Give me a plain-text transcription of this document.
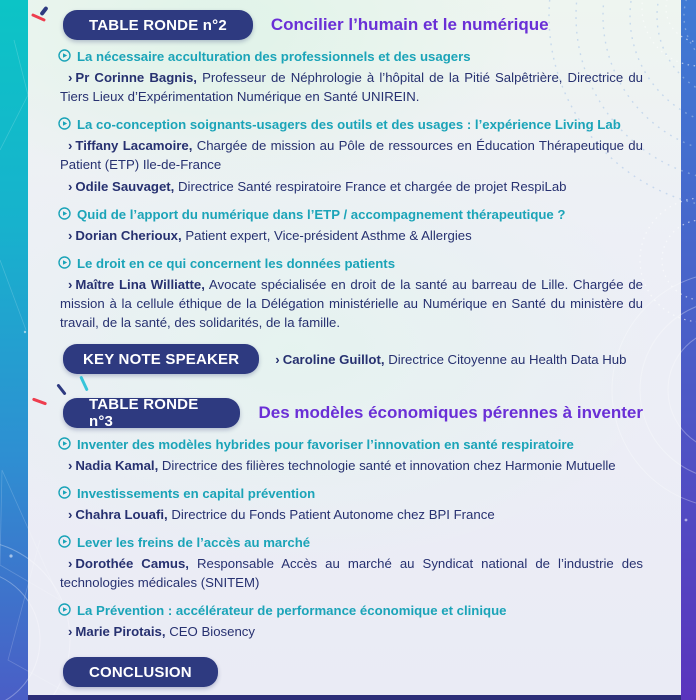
TABLE RONDE n°2	Concilier l’humain et le numérique
La nécessaire acculturation des professionnels et des usagers

› Pr Corinne Bagnis, Professeur de Néphrologie à l’hôpital de la Pitié Salpêtrière, Directrice du Tiers Lieux d’Expérimentation Numérique en Santé UNIREIN.

La co-conception soignants-usagers des outils et des usages : l’expérience Living Lab

› Tiffany Lacamoire, Chargée de mission au Pôle de ressources en Éducation Thérapeutique du Patient (ETP) Ile-de-France

› Odile Sauvaget, Directrice Santé respiratoire France et chargée de projet RespiLab

Quid de l’apport du numérique dans l’ETP / accompagnement thérapeutique ?

› Dorian Cherioux, Patient expert, Vice-président Asthme & Allergies

Le droit en ce qui concernent les données patients

› Maître Lina Williatte, Avocate spécialisée en droit de la santé au barreau de Lille. Chargée de mission à la cellule éthique de la Délégation ministérielle au Numérique en Santé du ministère du travail, de la santé, des solidarités, de la famille.

KEY NOTE SPEAKER	› Caroline Guillot, Directrice Citoyenne au Health Data Hub

TABLE RONDE n°3	Des modèles économiques pérennes à inventer
Inventer des modèles hybrides pour favoriser l’innovation en santé respiratoire

› Nadia Kamal, Directrice des filières technologie santé et innovation chez Harmonie Mutuelle

Investissements en capital prévention

› Chahra Louafi, Directrice du Fonds Patient Autonome chez BPI France

Lever les freins de l’accès au marché

› Dorothée Camus, Responsable Accès au marché au Syndicat national de l’industrie des technologies médicales (SNITEM)

La Prévention : accélérateur de performance économique et clinique

› Marie Pirotais, CEO Biosency

CONCLUSION
